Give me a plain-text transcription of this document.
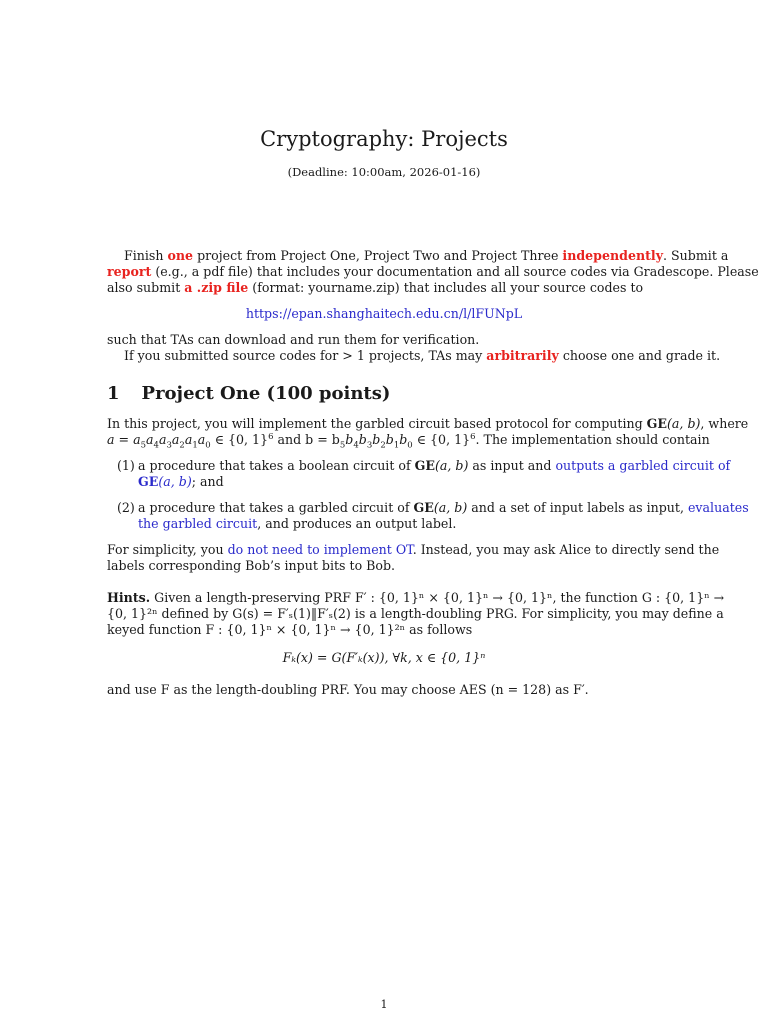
Cryptography: Projects
(Deadline: 10:00am, 2026-01-16)
Finish one project from Project One, Project Two and Project Three independently. Submit a
report (e.g., a pdf file) that includes your documentation and all source codes via Gradescope. Please
also submit a .zip file (format: yourname.zip) that includes all your source codes to
https://epan.shanghaitech.edu.cn/l/lFUNpL
such that TAs can download and run them for verification.
If you submitted source codes for > 1 projects, TAs may arbitrarily choose one and grade it.
1 Project One (100 points)
In this project, you will implement the garbled circuit based protocol for computing GE(a, b), where
$a = a_5a_4a_3a_2a_1a_0$ ∈ {0, 1}$^6$ and $b = b_5b_4b_3b_2b_1b_0$ ∈ {0, 1}$^6$. The implementation should contain
(1) a procedure that takes a boolean circuit of GE(a, b) as input and outputs a garbled circuit of
GE(a, b); and
(2) a procedure that takes a garbled circuit of GE(a, b) and a set of input labels as input, evaluates
the garbled circuit, and produces an output label.
For simplicity, you do not need to implement OT. Instead, you may ask Alice to directly send the
labels corresponding Bob’s input bits to Bob.
Hints. Given a length-preserving PRF F′ : {0, 1}ⁿ × {0, 1}ⁿ → {0, 1}ⁿ, the function G : {0, 1}ⁿ →
{0, 1}²ⁿ defined by G(s) = F′ₛ(1)‖F′ₛ(2) is a length-doubling PRG. For simplicity, you may define a
keyed function F : {0, 1}ⁿ × {0, 1}ⁿ → {0, 1}²ⁿ as follows
Fₖ(x) = G(F′ₖ(x)), ∀k, x ∈ {0, 1}ⁿ
and use F as the length-doubling PRF. You may choose AES (n = 128) as F′.
1
